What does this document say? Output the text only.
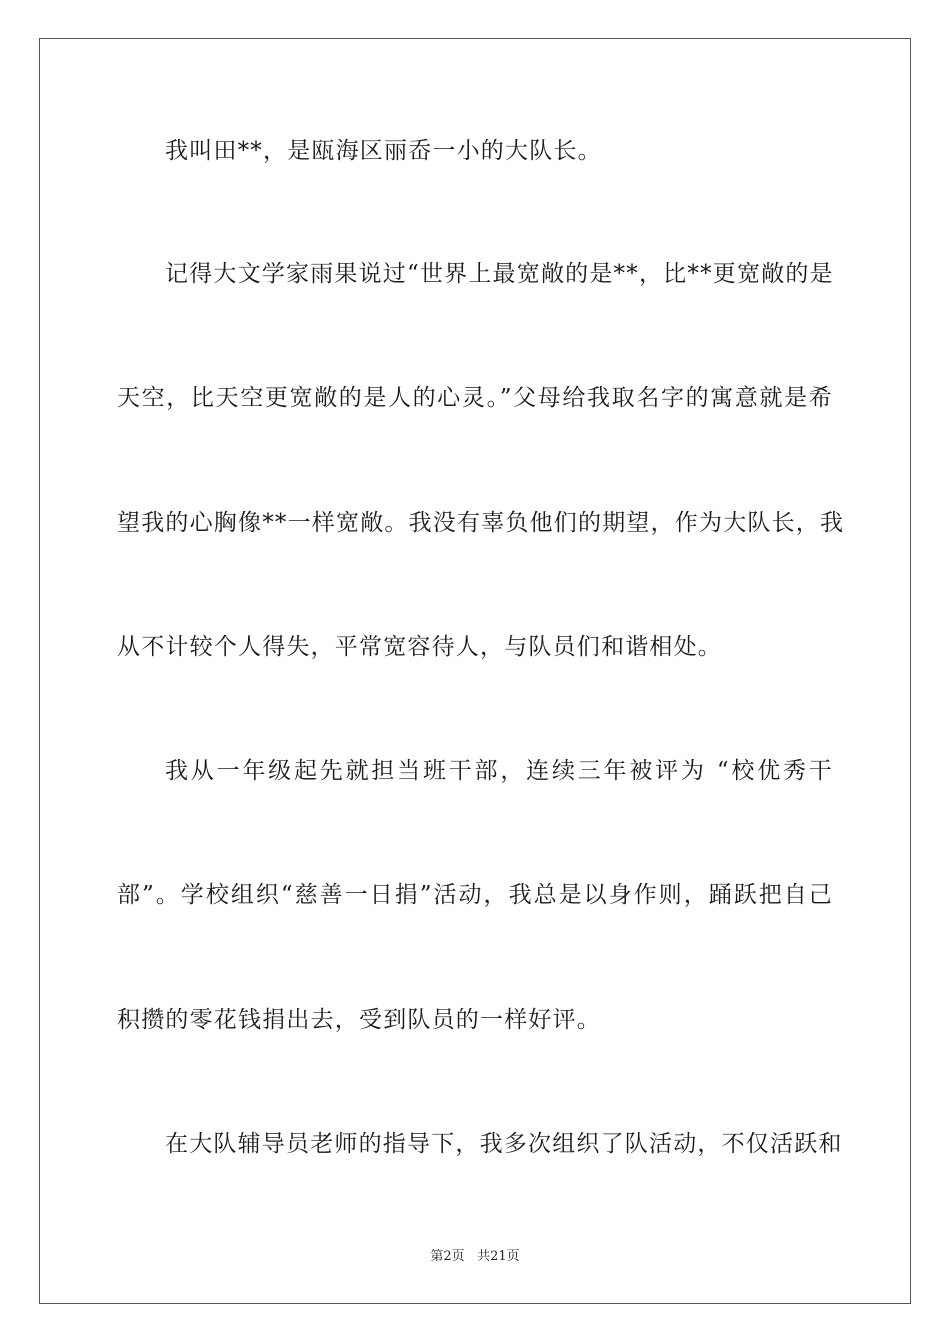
我叫田**，是瓯海区丽岙一小的大队长。
记得大文学家雨果说过“世界上最宽敞的是**，比**更宽敞的是
天空，比天空更宽敞的是人的心灵。”父母给我取名字的寓意就是希
望我的心胸像**一样宽敞。我没有辜负他们的期望，作为大队长，我
从不计较个人得失，平常宽容待人，与队员们和谐相处。
我从一年级起先就担当班干部，连续三年被评为 “校优秀干
部”。学校组织“慈善一日捐”活动，我总是以身作则，踊跃把自己
积攒的零花钱捐出去，受到队员的一样好评。
在大队辅导员老师的指导下，我多次组织了队活动，不仅活跃和
第2页 共21页
